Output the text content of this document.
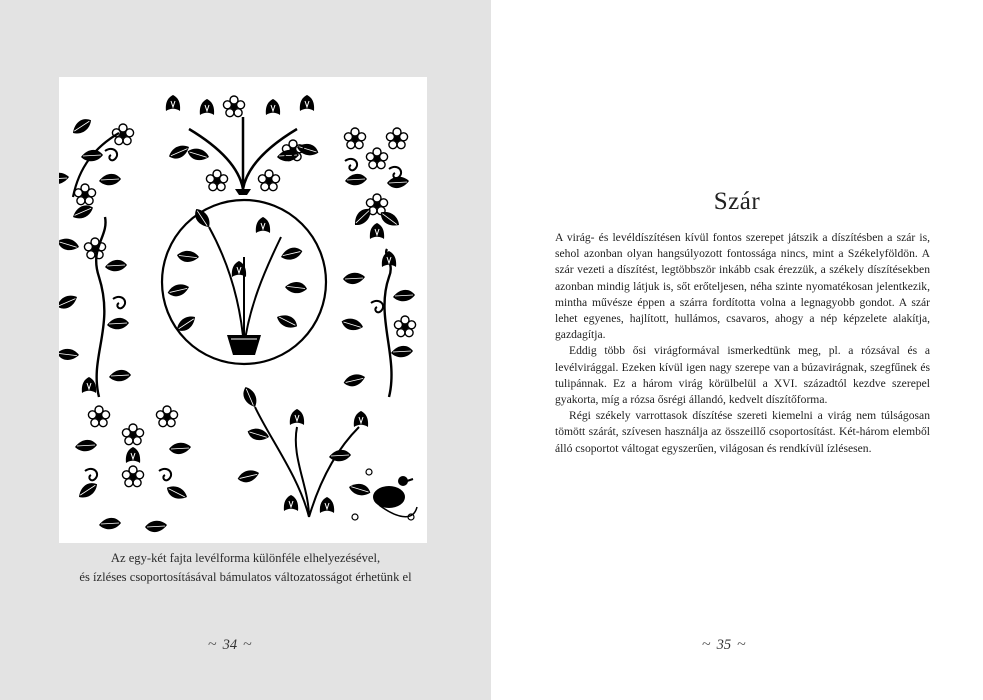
Az egy-két fajta levélforma különféle elhelyezésével,
és ízléses csoportosításával bámulatos változatosságot érhetünk el
~ 34 ~
Szár

A virág- és levéldíszítésen kívül fontos szerepet játszik a díszítésben a szár is, sehol azonban olyan hangsúlyozott fontossága nincs, mint a Székelyföldön. A szár vezeti a díszítést, legtöbbször inkább csak érezzük, a székely díszítésekben azonban mindig látjuk is, sőt erőteljesen, néha szinte nyomatékosan jelentkezik, mintha művésze éppen a szárra fordította volna a legnagyobb gondot. A szár lehet egyenes, hajlított, hullámos, csavaros, ahogy a nép képzelete alakítja, gazdagítja.

Eddig több ősi virágformával ismerkedtünk meg, pl. a rózsával és a levélvirággal. Ezeken kívül igen nagy szerepe van a búzavirágnak, szegfűnek és tulipánnak. Ez a három virág körülbelül a XVI. századtól kezdve szerepel gyakorta, míg a rózsa ősrégi állandó, kedvelt díszítőforma.

Régi székely varrottasok díszítése szereti kiemelni a virág nem túlságosan tömött szárát, szívesen használja az összeillő csoportosítást. Két-három elemből álló csoportot váltogat egyszerűen, világosan és rendkívül ízlésesen.

~ 35 ~
